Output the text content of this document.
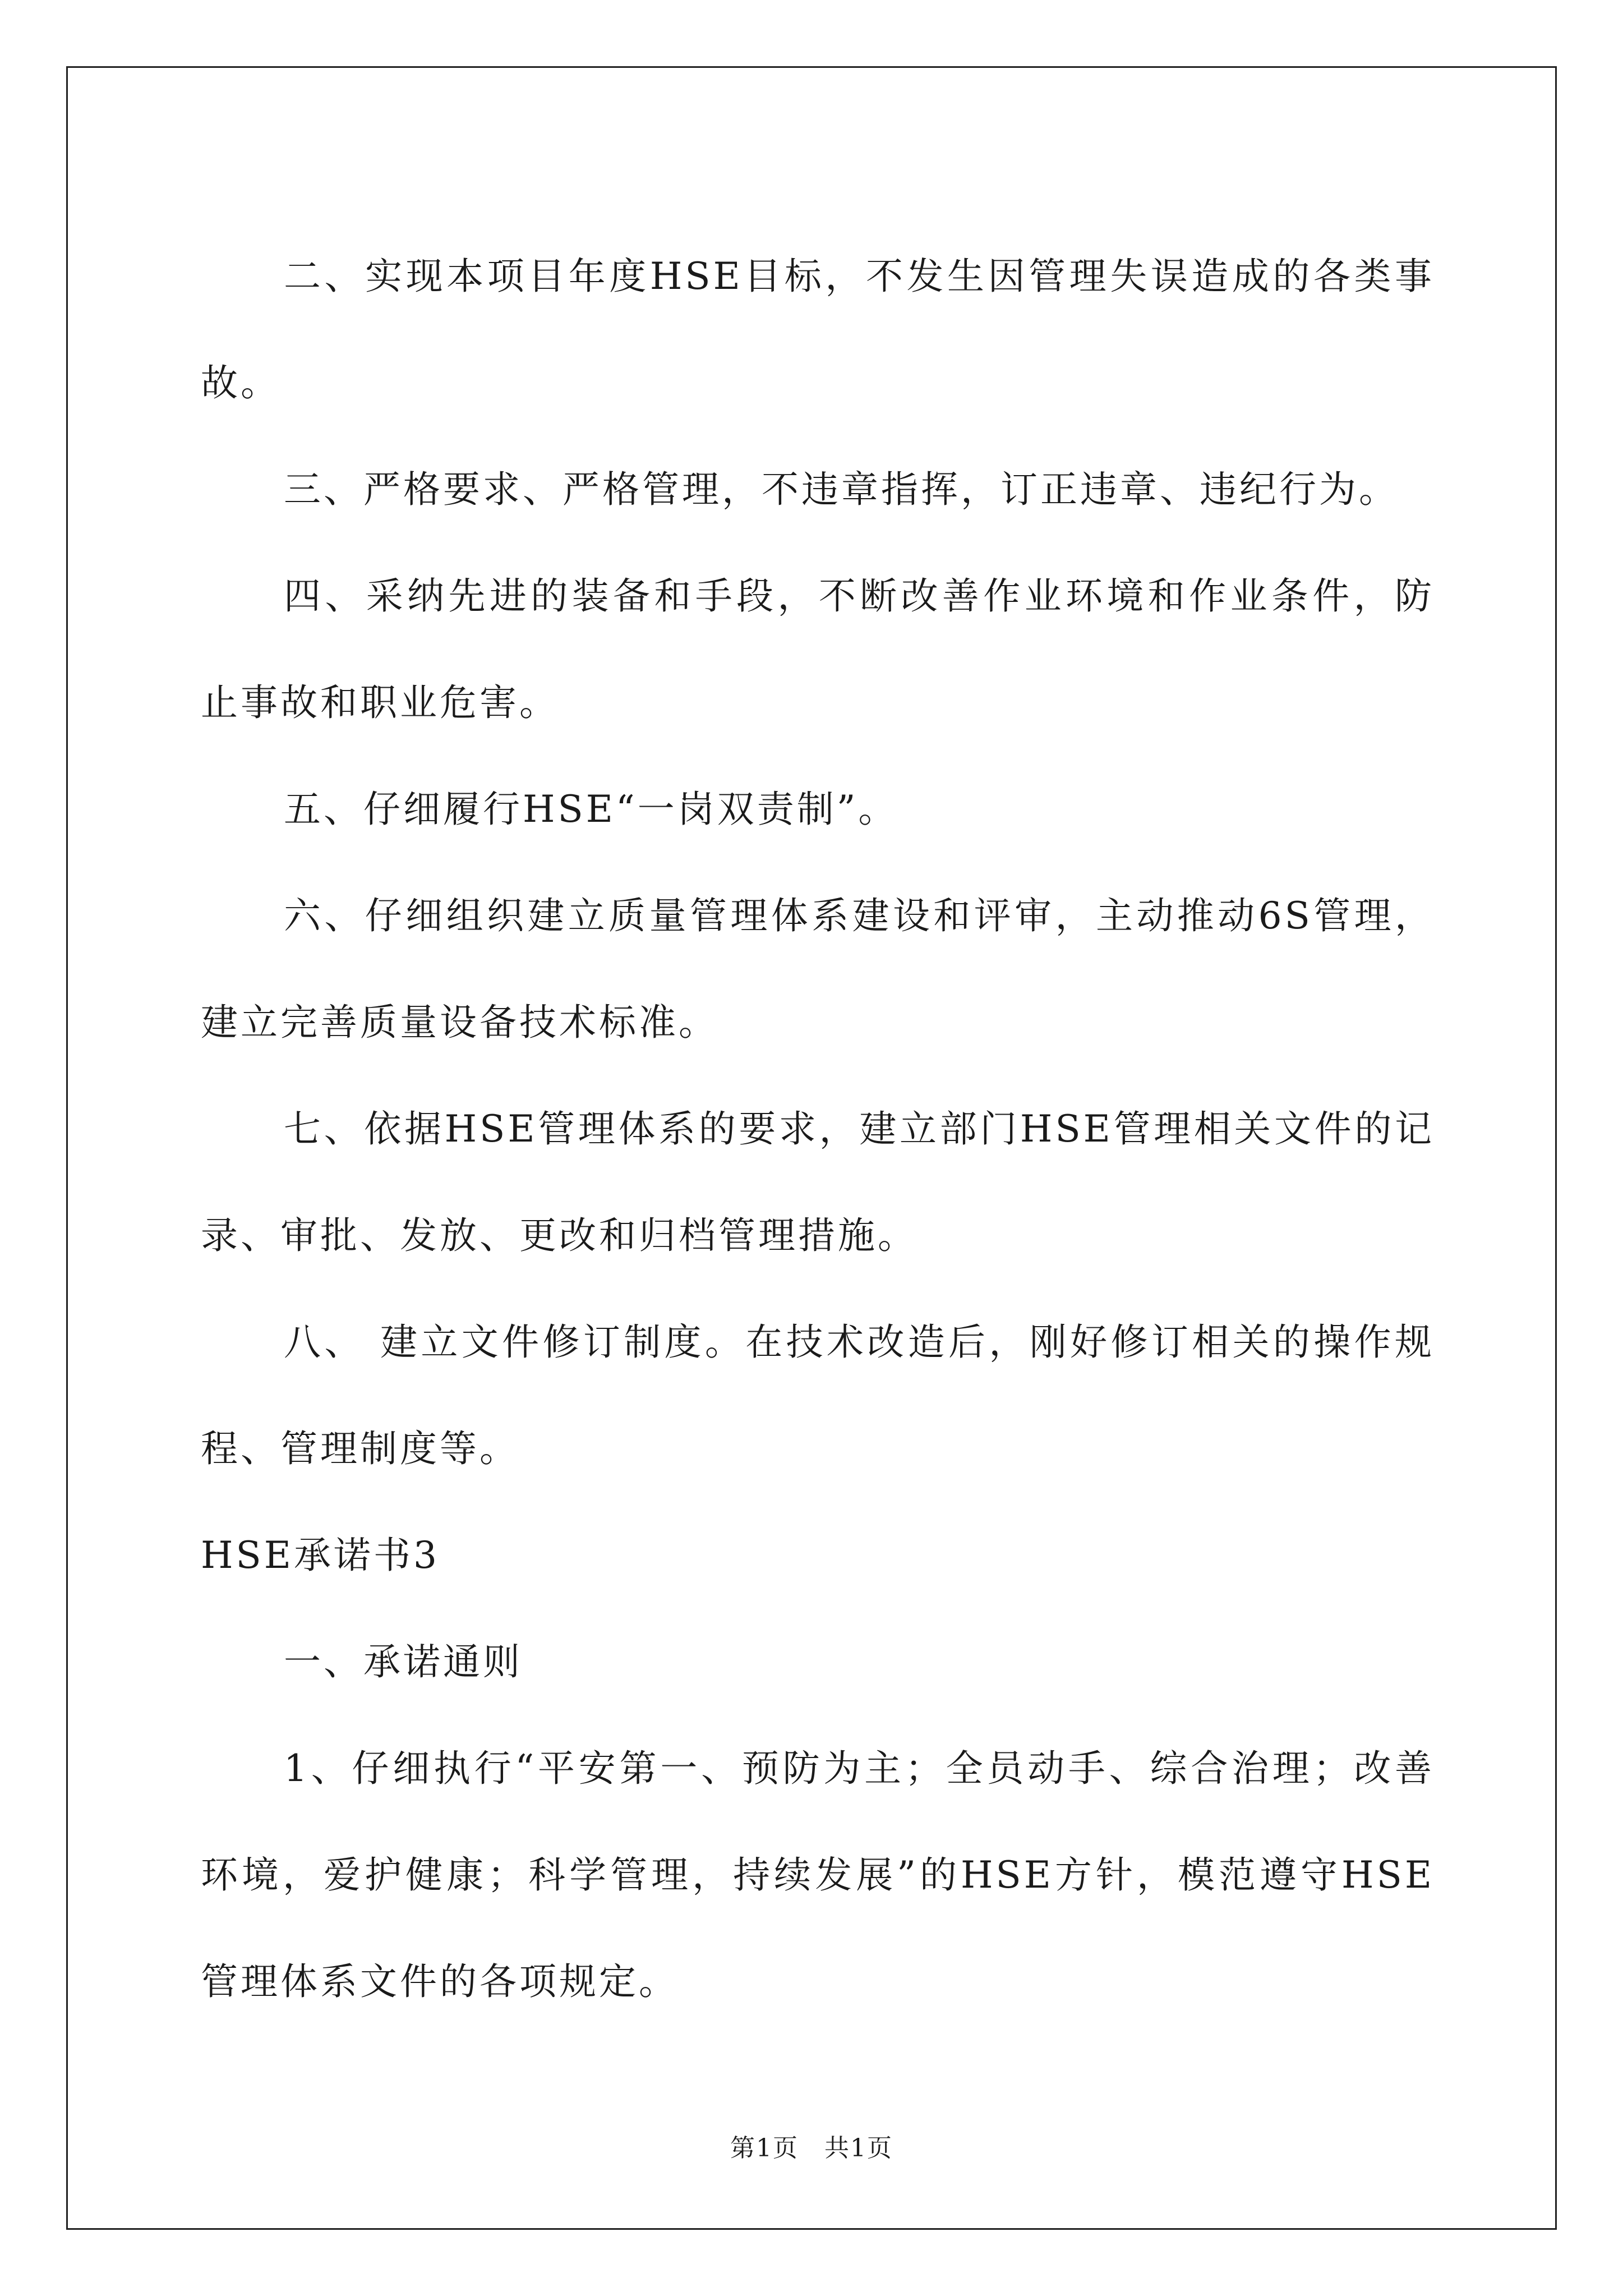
二、实现本项目年度HSE目标，不发生因管理失误造成的各类事故。

三、严格要求、严格管理，不违章指挥，订正违章、违纪行为。

四、采纳先进的装备和手段，不断改善作业环境和作业条件，防止事故和职业危害。

五、仔细履行HSE“一岗双责制”。

六、仔细组织建立质量管理体系建设和评审，主动推动6S管理，建立完善质量设备技术标准。

七、依据HSE管理体系的要求，建立部门HSE管理相关文件的记录、审批、发放、更改和归档管理措施。

八、 建立文件修订制度。在技术改造后，刚好修订相关的操作规程、管理制度等。

HSE承诺书3

一、承诺通则

1、仔细执行“平安第一、预防为主；全员动手、综合治理；改善环境，爱护健康；科学管理，持续发展”的HSE方针，模范遵守HSE管理体系文件的各项规定。

第1页 共1页
